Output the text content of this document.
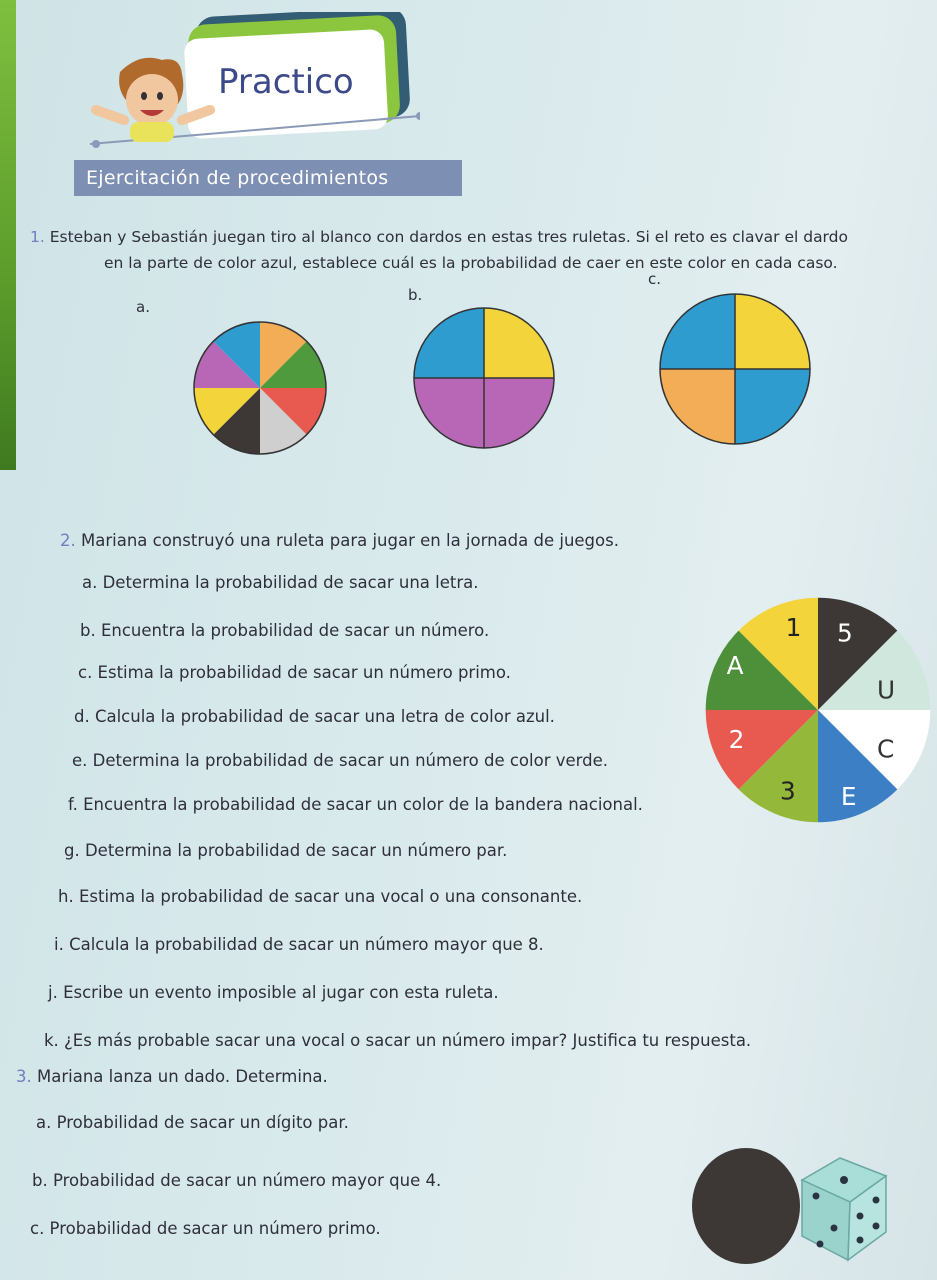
Practico
Ejercitación de procedimientos
1. Esteban y Sebastián juegan tiro al blanco con dardos en estas tres ruletas. Si el reto es clavar el dardo
en la parte de color azul, establece cuál es la probabilidad de caer en este color en cada caso.
a.
b.
c.
2. Mariana construyó una ruleta para jugar en la jornada de juegos.
a. Determina la probabilidad de sacar una letra.
b. Encuentra la probabilidad de sacar un número.
c. Estima la probabilidad de sacar un número primo.
d. Calcula la probabilidad de sacar una letra de color azul.
e. Determina la probabilidad de sacar un número de color verde.
f. Encuentra la probabilidad de sacar un color de la bandera nacional.
g. Determina la probabilidad de sacar un número par.
h. Estima la probabilidad de sacar una vocal o una consonante.
i. Calcula la probabilidad de sacar un número mayor que 8.
j. Escribe un evento imposible al jugar con esta ruleta.
k. ¿Es más probable sacar una vocal o sacar un número impar? Justifica tu respuesta.
1 5
U
C
E
3
2
A
3. Mariana lanza un dado. Determina.
a. Probabilidad de sacar un dígito par.
b. Probabilidad de sacar un número mayor que 4.
c. Probabilidad de sacar un número primo.
